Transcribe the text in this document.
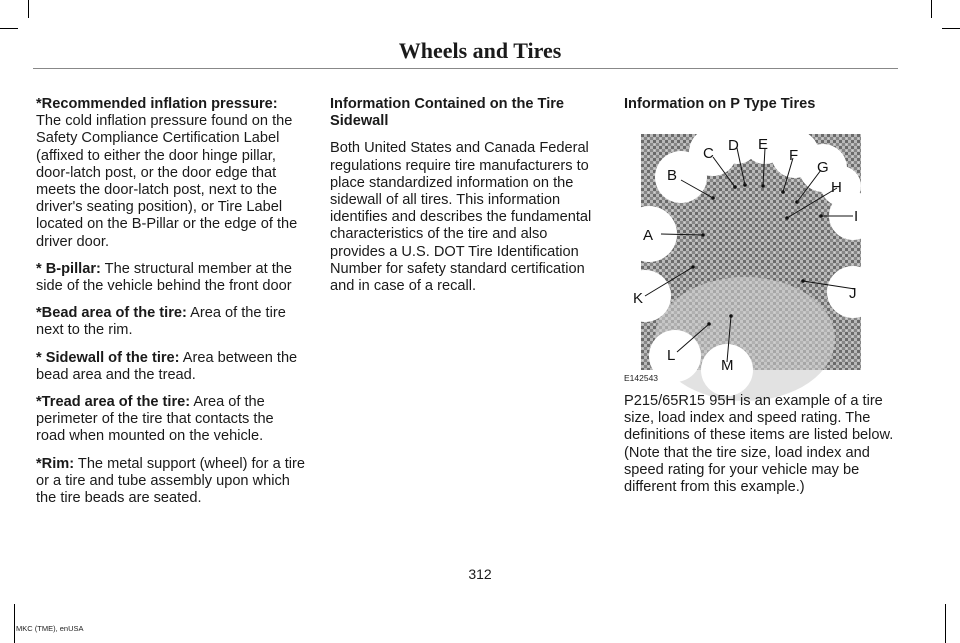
Wheels and Tires

*Recommended inflation pressure: The cold inflation pressure found on the Safety Compliance Certification Label (affixed to either the door hinge pillar, door-latch post, or the door edge that meets the door-latch post, next to the driver's seating position), or Tire Label located on the B-Pillar or the edge of the driver door.

* B-pillar: The structural member at the side of the vehicle behind the front door

*Bead area of the tire: Area of the tire next to the rim.

* Sidewall of the tire: Area between the bead area and the tread.

*Tread area of the tire: Area of the perimeter of the tire that contacts the road when mounted on the vehicle.

*Rim: The metal support (wheel) for a tire or a tire and tube assembly upon which the tire beads are seated.

Information Contained on the Tire Sidewall

Both United States and Canada Federal regulations require tire manufacturers to place standardized information on the sidewall of all tires. This information identifies and describes the fundamental characteristics of the tire and also provides a U.S. DOT Tire Identification Number for safety standard certification and in case of a recall.

Information on P Type Tires
A
B
C D E
F
G
H
I
J
K
L
M
E142543
P215/65R15 95H is an example of a tire size, load index and speed rating. The definitions of these items are listed below. (Note that the tire size, load index and speed rating for your vehicle may be different from this example.)
312
MKC (TME), enUSA
